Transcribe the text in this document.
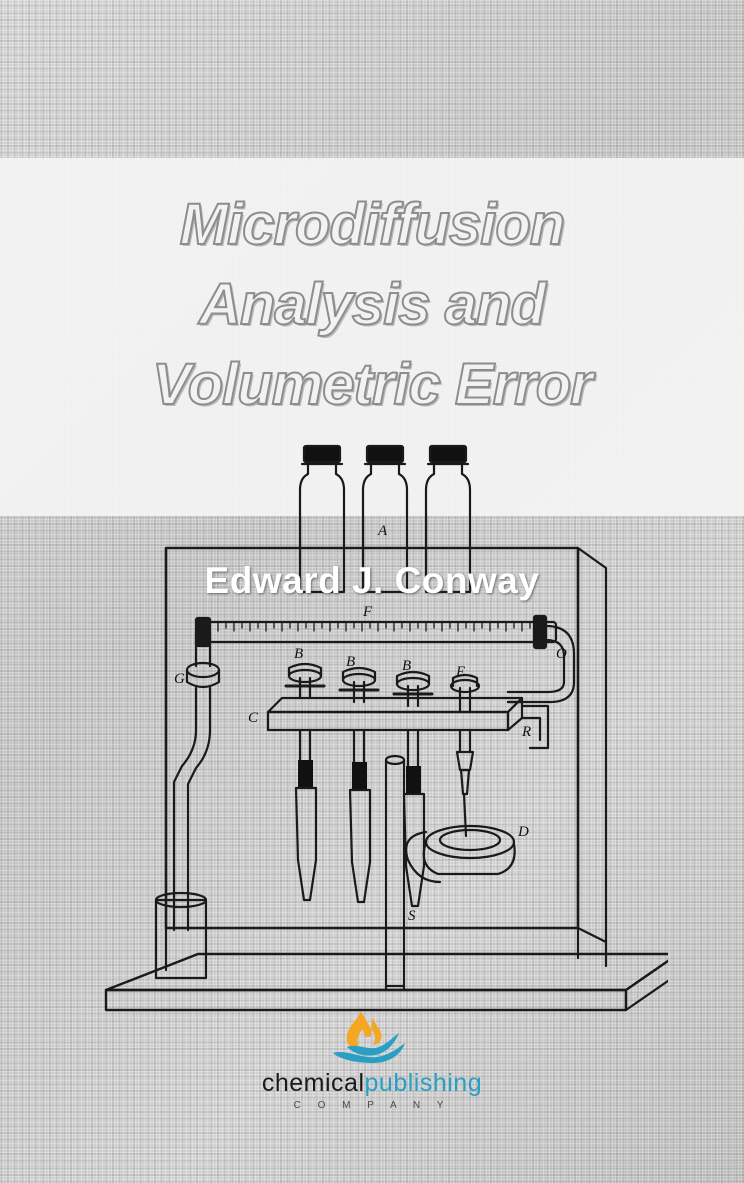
Microdiffusion
Analysis and
Volumetric Error
Edward J. Conway
A
F
G
O
B	B	B	E
C
R
D
S
chemicalpublishing
C O M P A N Y
